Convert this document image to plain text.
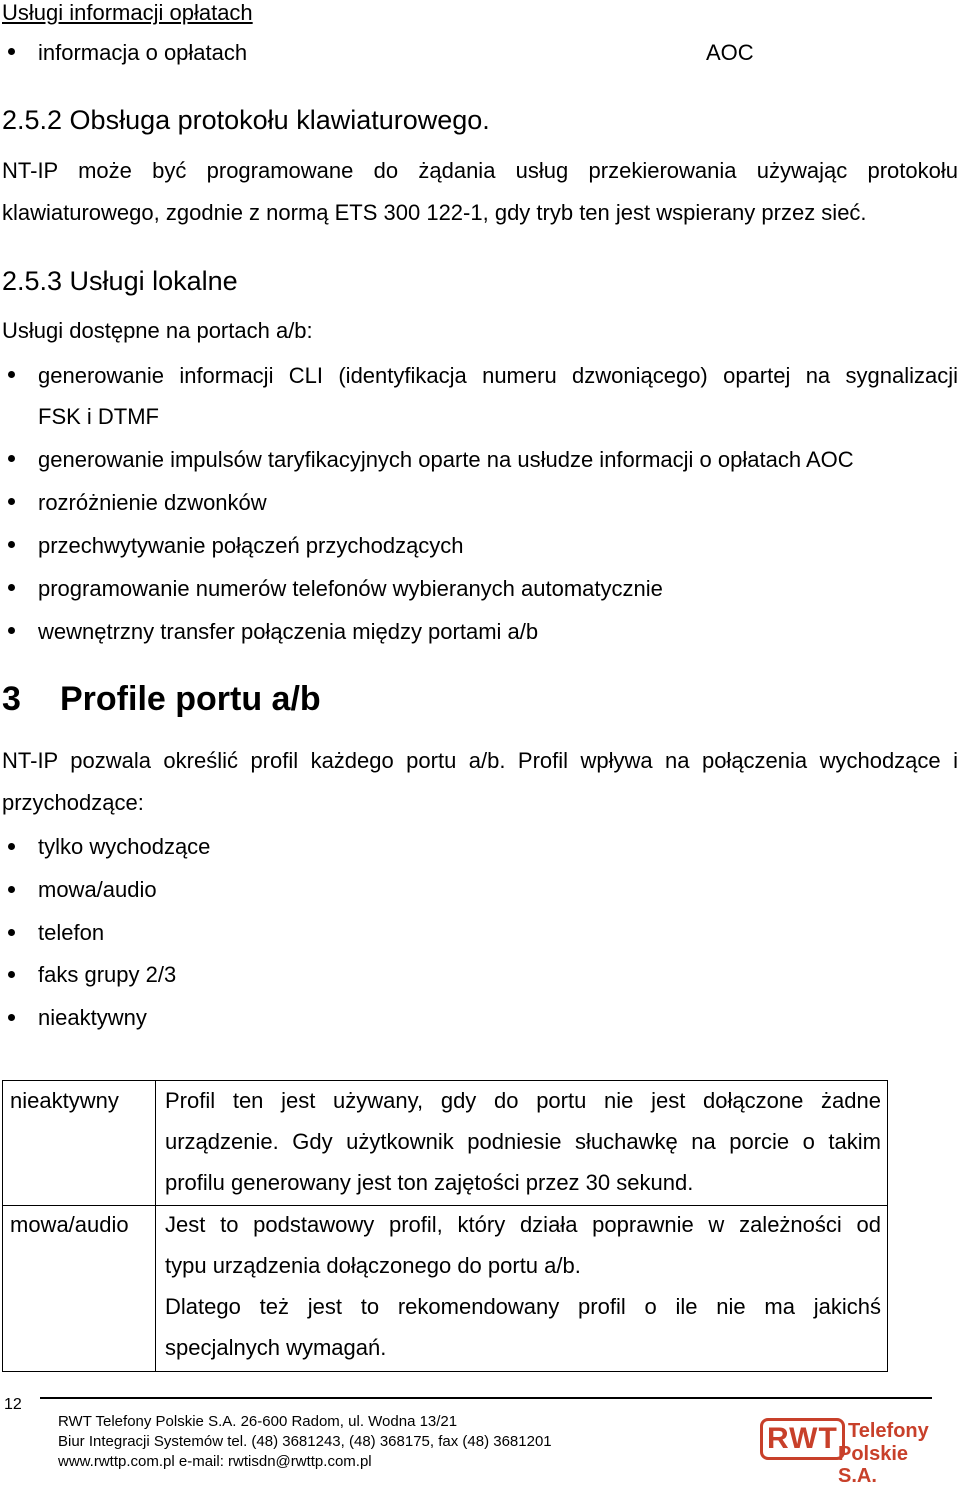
Usługi informacji opłatach
informacja o opłatach	AOC
2.5.2 Obsługa protokołu klawiaturowego.
NT-IP może być programowane do żądania usług przekierowania używając protokołu
klawiaturowego, zgodnie z normą ETS 300 122-1, gdy tryb ten jest wspierany przez sieć.
2.5.3 Usługi lokalne
Usługi dostępne na portach a/b:
generowanie informacji CLI (identyfikacja numeru dzwoniącego) opartej na sygnalizacji
FSK i DTMF
generowanie impulsów taryfikacyjnych oparte na usłudze informacji o opłatach AOC
rozróżnienie dzwonków
przechwytywanie połączeń przychodzących
programowanie numerów telefonów wybieranych automatycznie
wewnętrzny transfer połączenia między portami a/b
3 Profile portu a/b
NT-IP pozwala określić profil każdego portu a/b. Profil wpływa na połączenia wychodzące i
przychodzące:
tylko wychodzące
mowa/audio
telefon
faks grupy 2/3
nieaktywny
nieaktywny Profil ten jest używany, gdy do portu nie jest dołączone żadne
urządzenie. Gdy użytkownik podniesie słuchawkę na porcie o takim
profilu generowany jest ton zajętości przez 30 sekund.
mowa/audio Jest to podstawowy profil, który działa poprawnie w zależności od
typu urządzenia dołączonego do portu a/b.
Dlatego też jest to rekomendowany profil o ile nie ma jakichś
specjalnych wymagań.
12
RWT Telefony Polskie S.A. 26-600 Radom, ul. Wodna 13/21
Biur Integracji Systemów tel. (48) 3681243, (48) 368175, fax (48) 3681201
www.rwttp.com.pl e-mail: rwtisdn@rwttp.com.pl
RWT Telefony
Polskie S.A.
